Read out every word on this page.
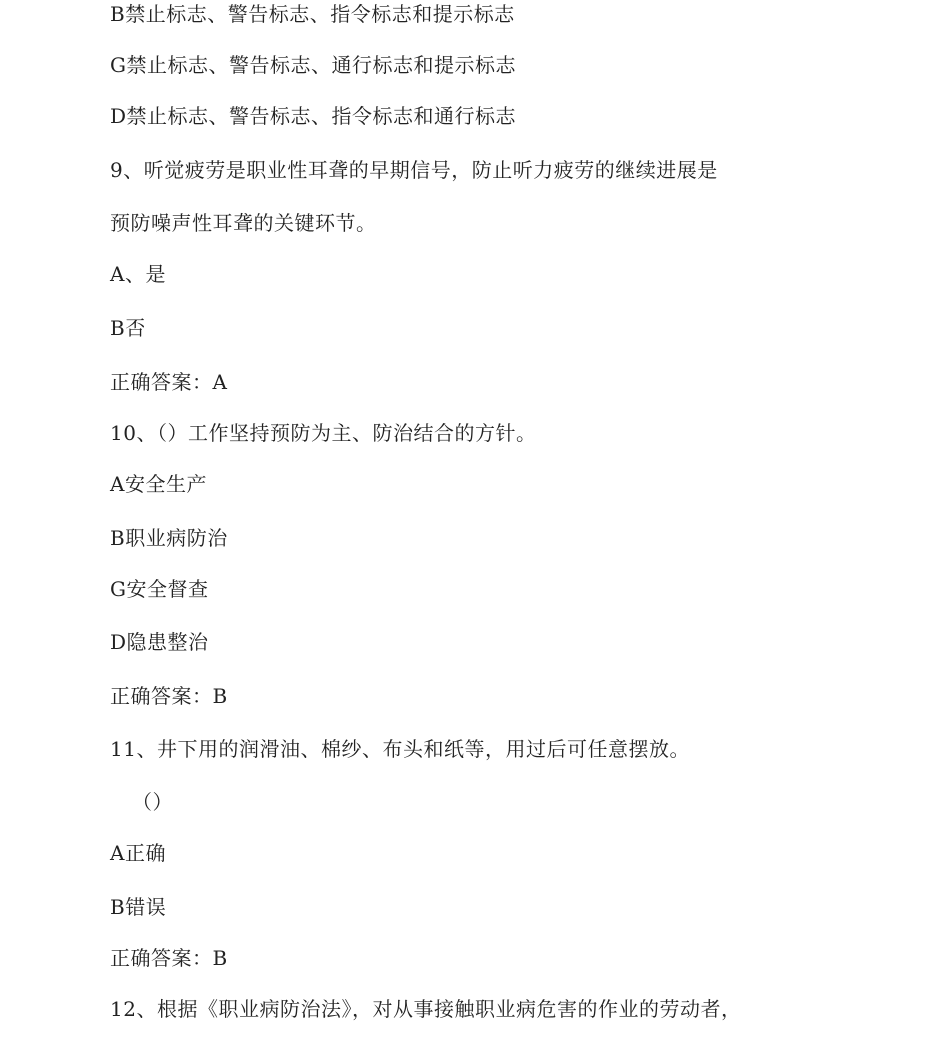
B禁止标志、警告标志、指令标志和提示标志
G禁止标志、警告标志、通行标志和提示标志
D禁止标志、警告标志、指令标志和通行标志
9、听觉疲劳是职业性耳聋的早期信号，防止听力疲劳的继续进展是
预防噪声性耳聋的关键环节。
A、是
B否
正确答案：A
10、（）工作坚持预防为主、防治结合的方针。
A安全生产
B职业病防治
G安全督查
D隐患整治
正确答案：B
11、井下用的润滑油、棉纱、布头和纸等，用过后可任意摆放。
（）
A正确
B错误
正确答案：B
12、根据《职业病防治法》，对从事接触职业病危害的作业的劳动者，
